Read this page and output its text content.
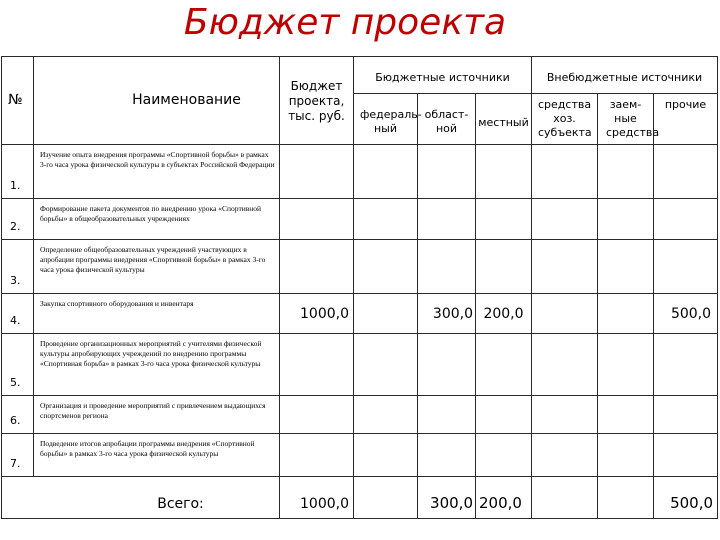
Бюджет проекта
№	Наименование	Бюджет проекта, тыс. руб.	Бюджетные источники			Внебюджетные источники		
			федераль-ный	област-ной	местный	средства хоз. субъекта	заем-ные средства	прочие
1.	Изучение опыта внедрения программы «Спортивной борьбы» в рамках 3-го часа урока физической культуры в субъектах Российской Федерации							
2.	Формирование пакета документов по внедрению урока «Спортивной борьбы» в общеобразовательных учреждениях							
3.	Определение общеобразовательных учреждений участвующих в апробации программы внедрения «Спортивной борьбы» в рамках 3-го часа урока физической культуры							
4.	Закупка спортивного оборудования и инвентаря	1000,0		300,0	200,0			500,0
5.	Проведение организационных мероприятий с учителями физической культуры апробирующих учреждений по внедрению программы «Спортивная борьба» в рамках 3-го часа урока физической культуры							
6.	Организация и проведение мероприятий с привлечением выдающихся спортсменов региона							
7.	Подведение итогов апробации программы внедрения «Спортивной борьбы» в рамках 3-го часа урока физической культуры							
Всего:		1000,0		300,0	200,0			500,0
